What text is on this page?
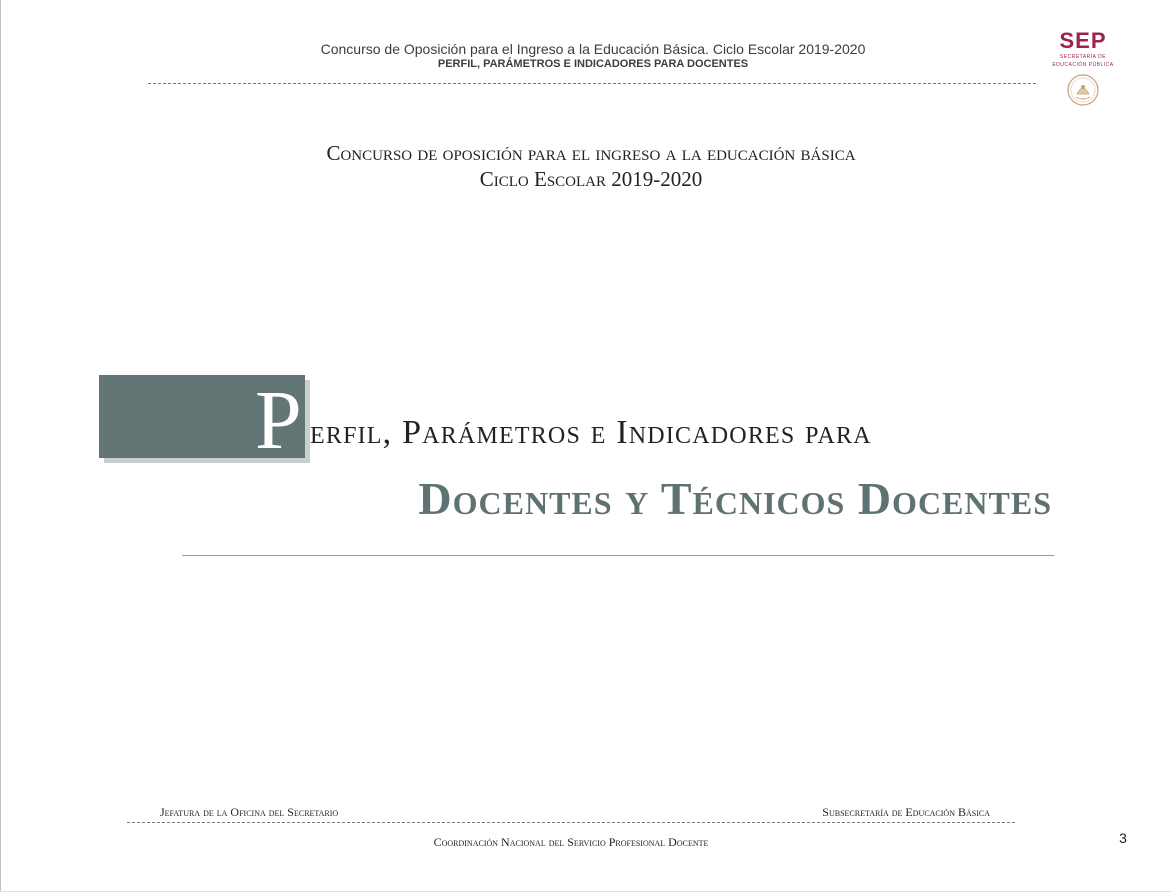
Concurso de Oposición para el Ingreso a la Educación Básica. Ciclo Escolar 2019-2020
PERFIL, PARÁMETROS E INDICADORES PARA DOCENTES
SEP
SECRETARÍA DE
EDUCACIÓN PÚBLICA
Concurso de oposición para el ingreso a la educación básica
Ciclo Escolar 2019-2020
P erfil, Parámetros e Indicadores para
Docentes y Técnicos Docentes
Jefatura de la Oficina del Secretario	Subsecretaría de Educación Básica
Coordinación Nacional del Servicio Profesional Docente	3
